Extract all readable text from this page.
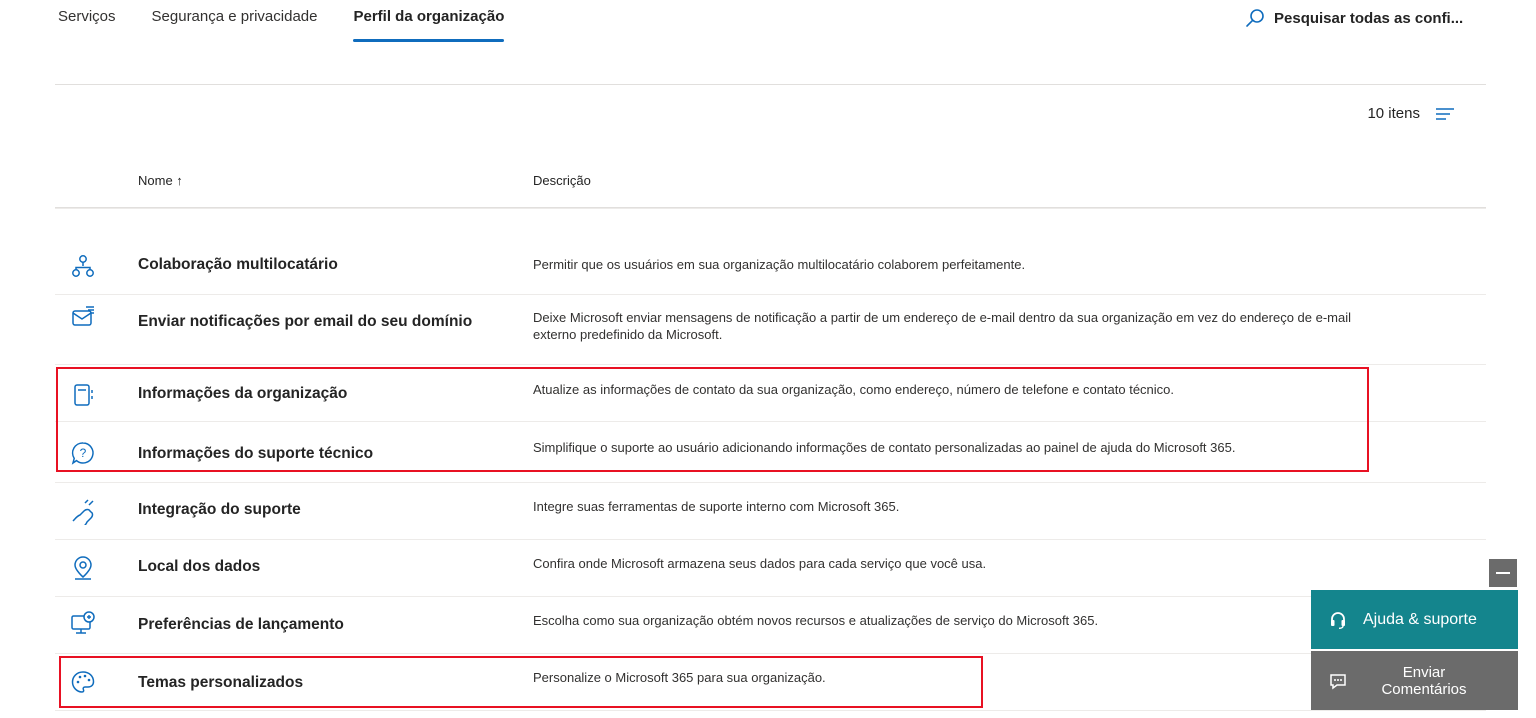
Serviços Segurança e privacidade Perfil da organização	Pesquisar todas as confi...
10 itens
Nome ↑	Descrição
Colaboração multilocatário	Permitir que os usuários em sua organização multilocatário colaborem perfeitamente.
Enviar notificações por email do seu domínio	Deixe Microsoft enviar mensagens de notificação a partir de um endereço de e-mail dentro da sua organização em vez do endereço de e-mail externo predefinido da Microsoft.
Informações da organização	Atualize as informações de contato da sua organização, como endereço, número de telefone e contato técnico.
?	Informações do suporte técnico	Simplifique o suporte ao usuário adicionando informações de contato personalizadas ao painel de ajuda do Microsoft 365.
Integração do suporte	Integre suas ferramentas de suporte interno com Microsoft 365.
Local dos dados	Confira onde Microsoft armazena seus dados para cada serviço que você usa.
Preferências de lançamento	Escolha como sua organização obtém novos recursos e atualizações de serviço do Microsoft 365.
Temas personalizados	Personalize o Microsoft 365 para sua organização.
Ajuda & suporte
Enviar
Comentários
